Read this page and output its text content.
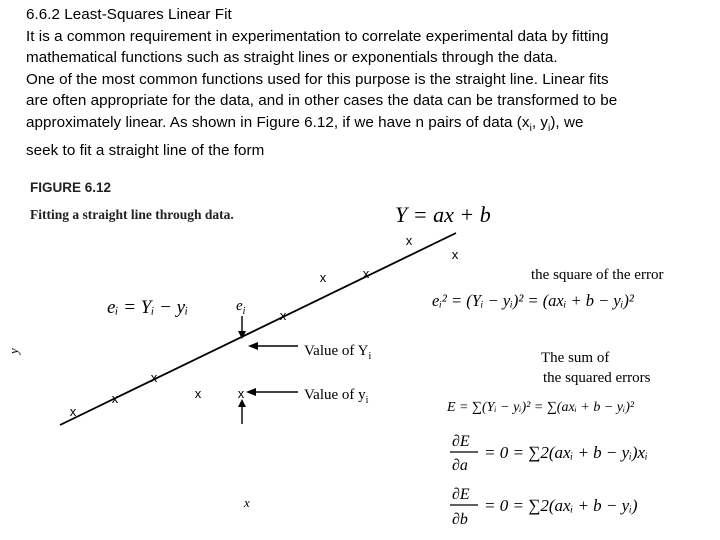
6.6.2 Least-Squares Linear Fit
It is a common requirement in experimentation to correlate experimental data by fitting
mathematical functions such as straight lines or exponentials through the data.
One of the most common functions used for this purpose is the straight line. Linear fits
are often appropriate for the data, and in other cases the data can be transformed to be
approximately linear. As shown in Figure 6.12, if we have n pairs of data ($x_i$, $y_i$), we
seek to fit a straight line of the form
FIGURE 6.12
Fitting a straight line through data.	Y = ax + b
y
x
x
x
x	x
x
x
x
x
x	x
$e_i$
eᵢ = Yᵢ − yᵢ
Value of $Y_i$
Value of $y_i$
the square of the error
eᵢ² = (Yᵢ − yᵢ)² = (axᵢ + b − yᵢ)²
The sum of
the squared errors
E = ∑(Yᵢ − yᵢ)² = ∑(axᵢ + b − yᵢ)²
∂E
∂a
= 0 = ∑2(axᵢ + b − yᵢ)xᵢ
∂E
∂b
= 0 = ∑2(axᵢ + b − yᵢ)
